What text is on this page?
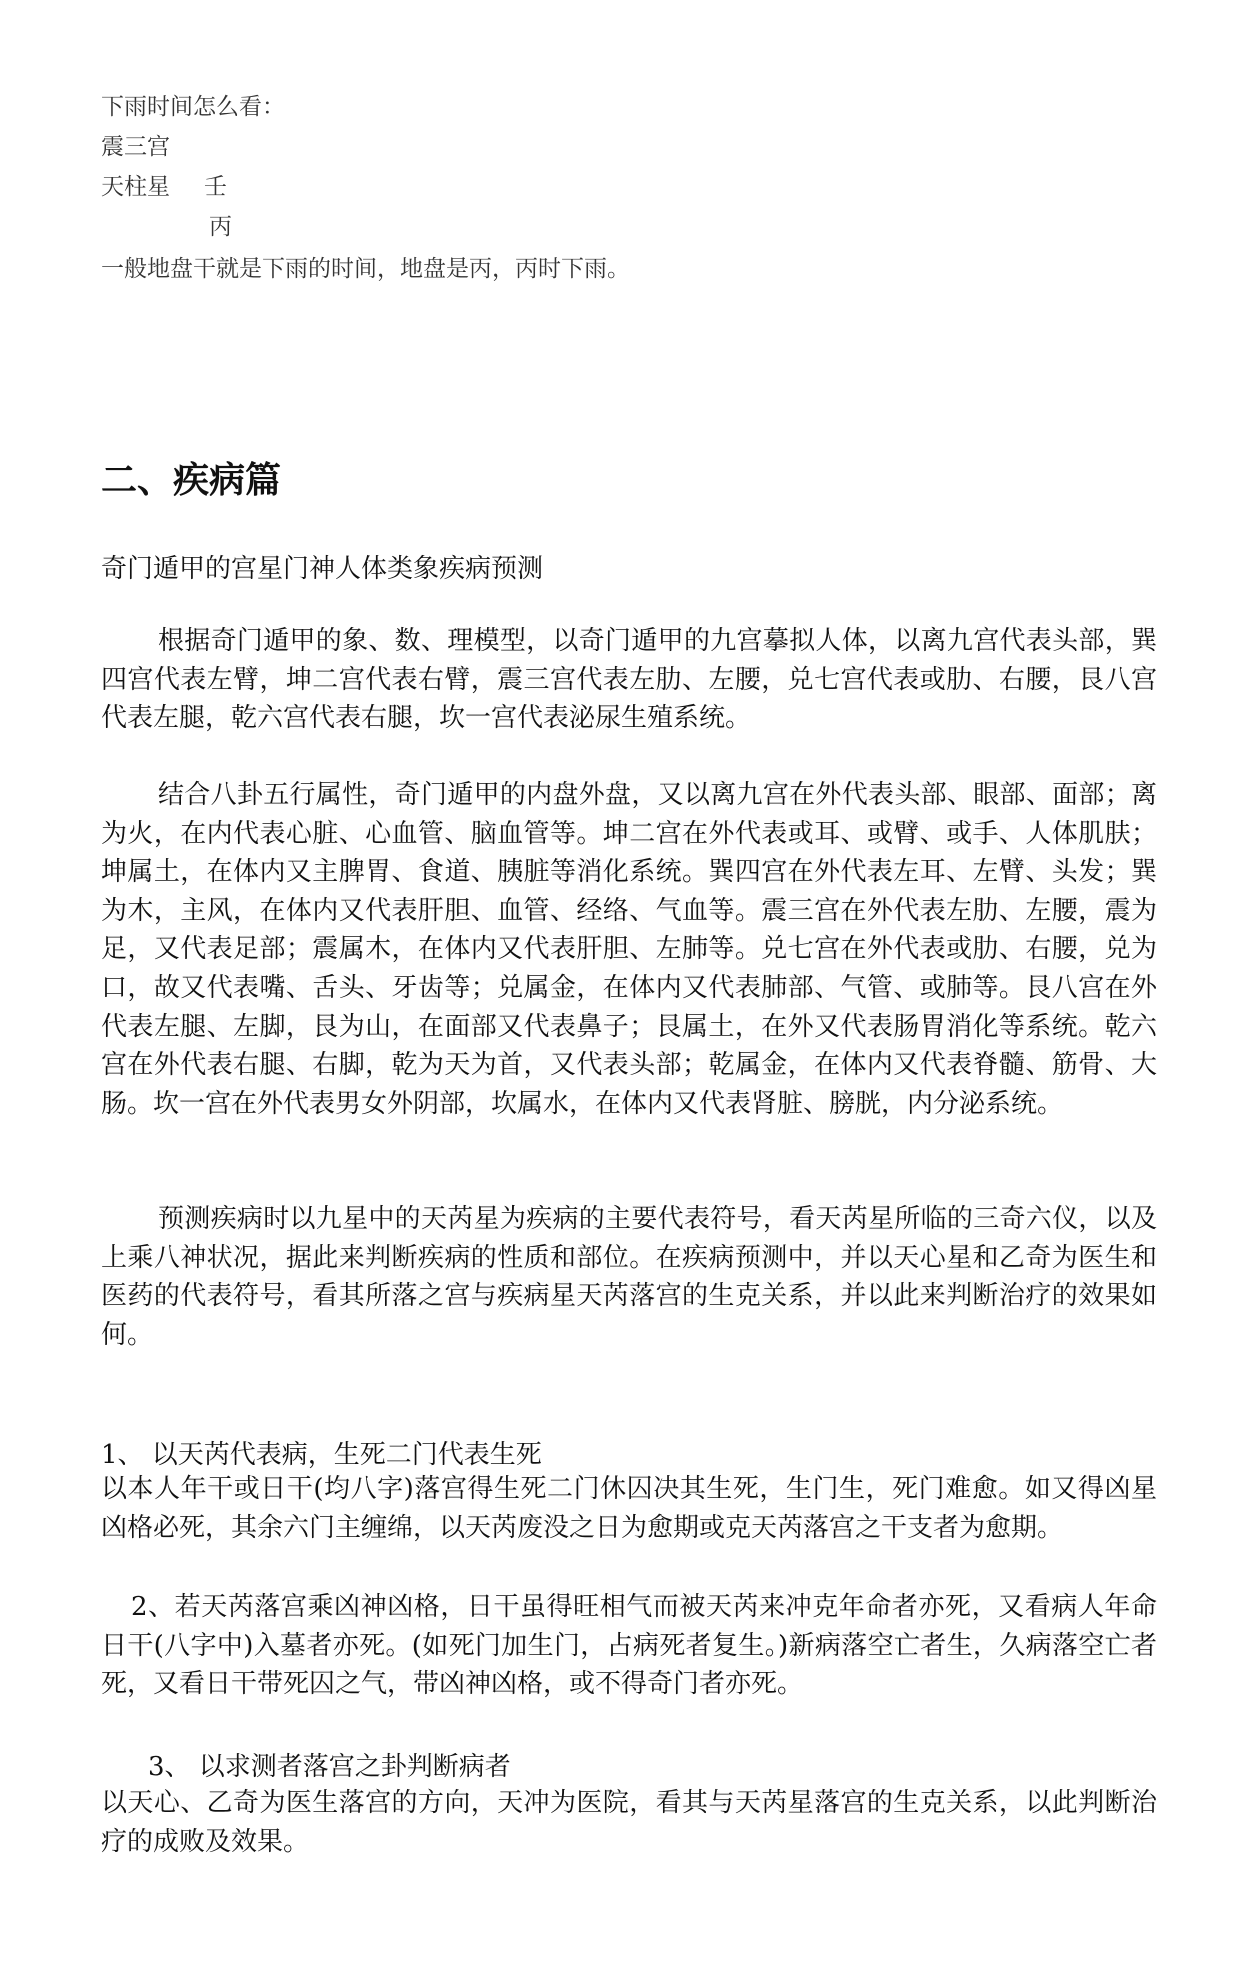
下雨时间怎么看：
震三宫
天柱星 壬
丙
一般地盘干就是下雨的时间，地盘是丙，丙时下雨。
二、疾病篇
奇门遁甲的宫星门神人体类象疾病预测

根据奇门遁甲的象、数、理模型，以奇门遁甲的九宫摹拟人体，以离九宫代表头部，巽四宫代表左臂，坤二宫代表右臂，震三宫代表左肋、左腰，兑七宫代表或肋、右腰，艮八宫代表左腿，乾六宫代表右腿，坎一宫代表泌尿生殖系统。

结合八卦五行属性，奇门遁甲的内盘外盘，又以离九宫在外代表头部、眼部、面部；离为火，在内代表心脏、心血管、脑血管等。坤二宫在外代表或耳、或臂、或手、人体肌肤；坤属土，在体内又主脾胃、食道、胰脏等消化系统。巽四宫在外代表左耳、左臂、头发；巽为木，主风，在体内又代表肝胆、血管、经络、气血等。震三宫在外代表左肋、左腰，震为足，又代表足部；震属木，在体内又代表肝胆、左肺等。兑七宫在外代表或肋、右腰，兑为口，故又代表嘴、舌头、牙齿等；兑属金，在体内又代表肺部、气管、或肺等。艮八宫在外代表左腿、左脚，艮为山，在面部又代表鼻子；艮属土，在外又代表肠胃消化等系统。乾六宫在外代表右腿、右脚，乾为天为首，又代表头部；乾属金，在体内又代表脊髓、筋骨、大肠。坎一宫在外代表男女外阴部，坎属水，在体内又代表肾脏、膀胱，内分泌系统。

预测疾病时以九星中的天芮星为疾病的主要代表符号，看天芮星所临的三奇六仪，以及上乘八神状况，据此来判断疾病的性质和部位。在疾病预测中，并以天心星和乙奇为医生和医药的代表符号，看其所落之宫与疾病星天芮落宫的生克关系，并以此来判断治疗的效果如何。

1、 以天芮代表病，生死二门代表生死

以本人年干或日干(均八字)落宫得生死二门休囚决其生死，生门生，死门难愈。如又得凶星凶格必死，其余六门主缠绵，以天芮废没之日为愈期或克天芮落宫之干支者为愈期。

2、若天芮落宫乘凶神凶格，日干虽得旺相气而被天芮来冲克年命者亦死，又看病人年命日干(八字中)入墓者亦死。(如死门加生门，占病死者复生。)新病落空亡者生，久病落空亡者死，又看日干带死囚之气，带凶神凶格，或不得奇门者亦死。

3、 以求测者落宫之卦判断病者

以天心、乙奇为医生落宫的方向，天冲为医院，看其与天芮星落宫的生克关系，以此判断治疗的成败及效果。
